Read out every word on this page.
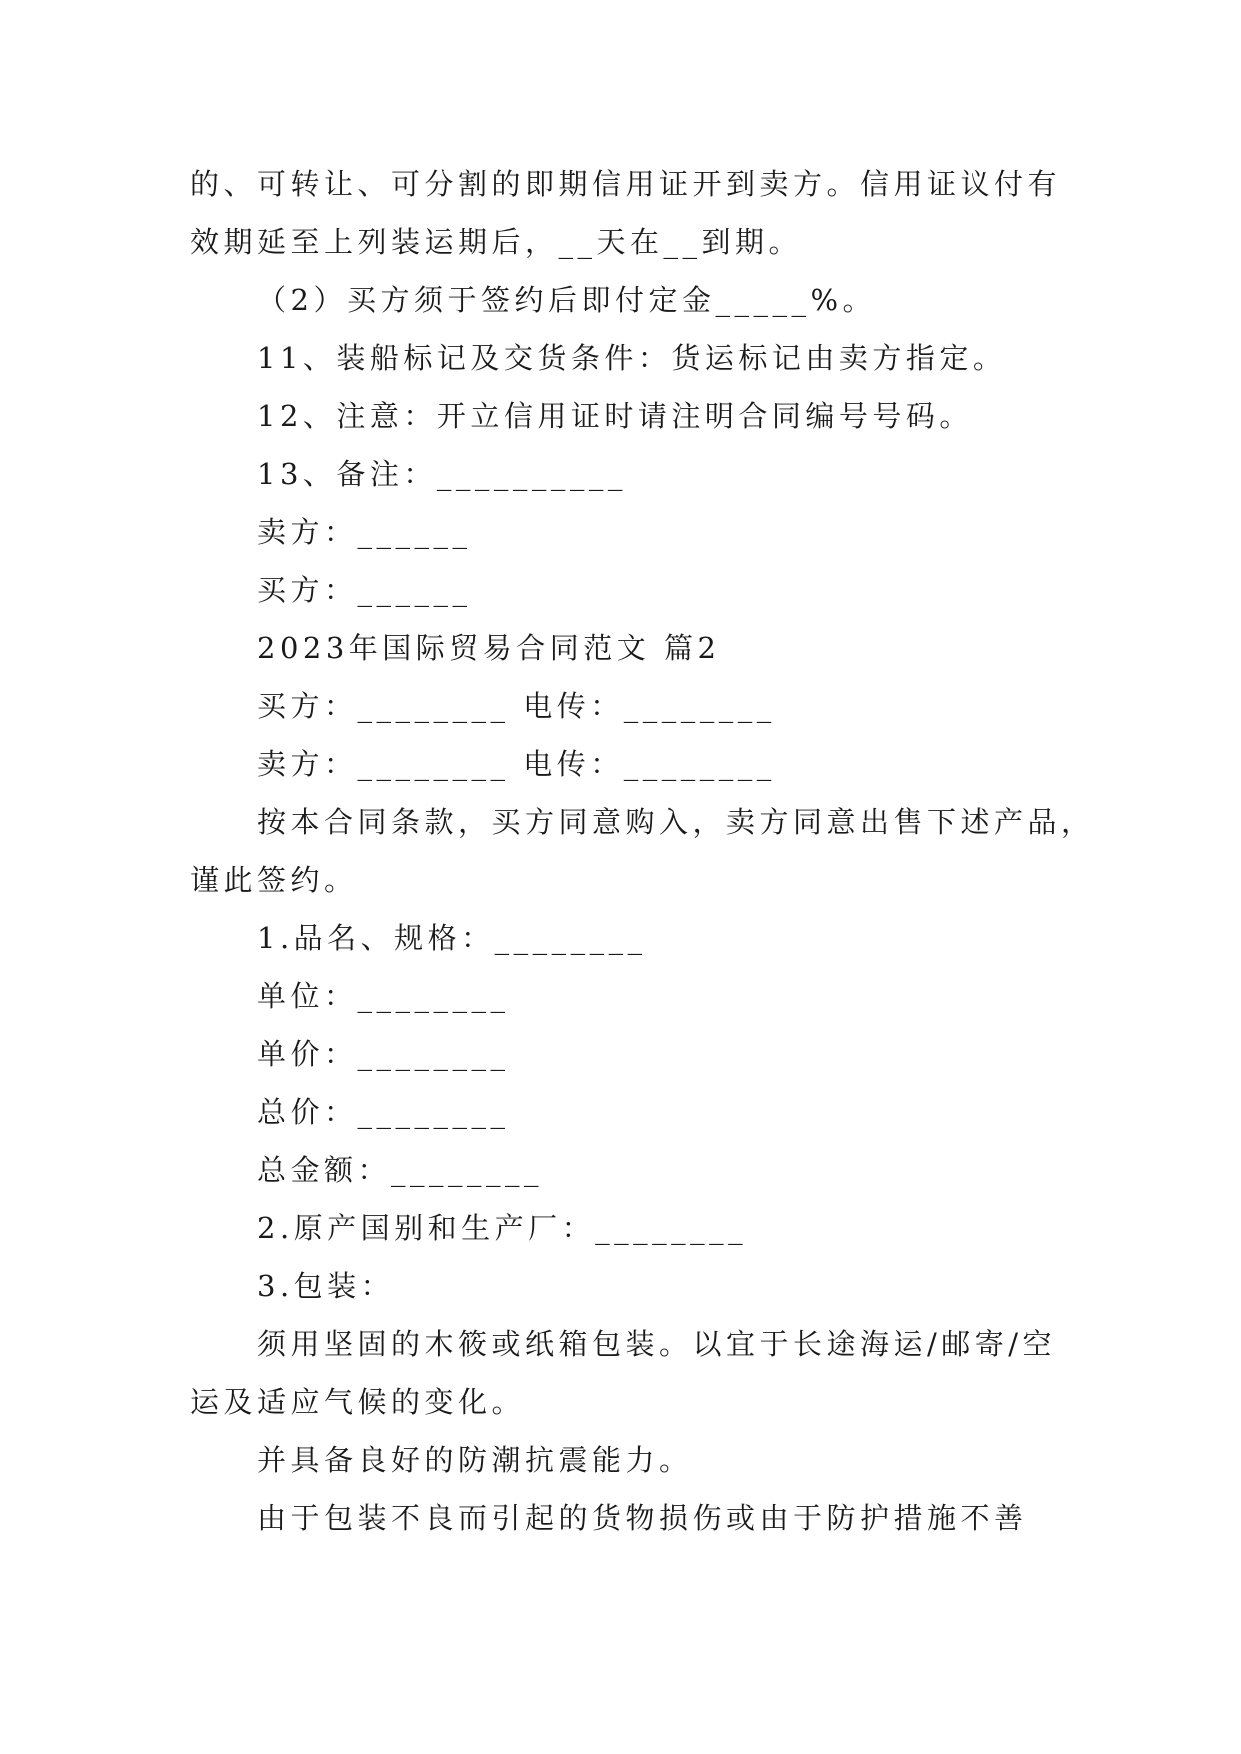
的、可转让、可分割的即期信用证开到卖方。信用证议付有
效期延至上列装运期后，__天在__到期。
（2）买方须于签约后即付定金_____%。
11、装船标记及交货条件：货运标记由卖方指定。
12、注意：开立信用证时请注明合同编号号码。
13、备注：__________
卖方：______
买方：______
2023年国际贸易合同范文 篇2
买方：________ 电传：________
卖方：________ 电传：________
按本合同条款，买方同意购入，卖方同意出售下述产品，
谨此签约。
1.品名、规格：________
单位：________
单价：________
总价：________
总金额：________
2.原产国别和生产厂：________
3.包装：
须用坚固的木筱或纸箱包装。以宜于长途海运/邮寄/空
运及适应气候的变化。
并具备良好的防潮抗震能力。
由于包装不良而引起的货物损伤或由于防护措施不善
